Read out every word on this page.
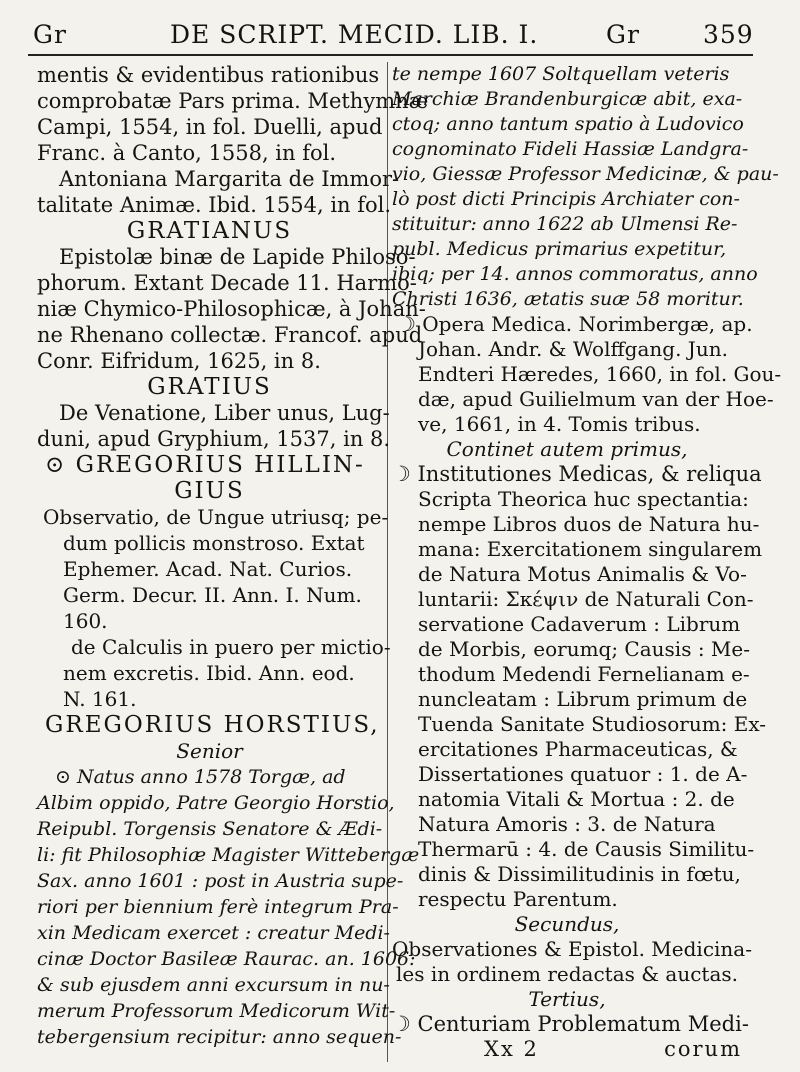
Gr	DE SCRIPT. MECID. LIB. I.	Gr	359
mentis & evidentibus rationibus
comprobatæ Pars prima. Methymnæ
Campi, 1554, in fol. Duelli, apud
Franc. à Canto, 1558, in fol.
Antoniana Margarita de Immor-
talitate Animæ. Ibid. 1554, in fol.
GRATIANUS
Epistolæ binæ de Lapide Philoso-
phorum. Extant Decade 11. Harmo-
niæ Chymico-Philosophicæ, à Johan-
ne Rhenano collectæ. Francof. apud
Conr. Eifridum, 1625, in 8.
GRATIUS
De Venatione, Liber unus, Lug-
duni, apud Gryphium, 1537, in 8.
⊙ GREGORIUS HILLIN-
GIUS
Observatio, de Ungue utriusq; pe-
dum pollicis monstroso. Extat
Ephemer. Acad. Nat. Curios.
Germ. Decur. II. Ann. I. Num.
160.
de Calculis in puero per mictio-
nem excretis. Ibid. Ann. eod.
N. 161.
GREGORIUS HORSTIUS,
Senior
⊙ Natus anno 1578 Torgæ, ad
Albim oppido, Patre Georgio Horstio,
Reipubl. Torgensis Senatore & Ædi-
li: fit Philosophiæ Magister Wittebergæ
Sax. anno 1601 : post in Austria supe-
riori per biennium ferè integrum Pra-
xin Medicam exercet : creatur Medi-
cinæ Doctor Basileæ Raurac. an. 1606:
& sub ejusdem anni excursum in nu-
merum Professorum Medicorum Wit-
tebergensium recipitur: anno sequen-
te nempe 1607 Soltquellam veteris
Marchiæ Brandenburgicæ abit, exa-
ctoq; anno tantum spatio à Ludovico
cognominato Fideli Hassiæ Landgra-
vio, Giessæ Professor Medicinæ, & pau-
lò post dicti Principis Archiater con-
stituitur: anno 1622 ab Ulmensi Re-
publ. Medicus primarius expetitur,
ibiq; per 14. annos commoratus, anno
Christi 1636, ætatis suæ 58 moritur.
☽ Opera Medica. Norimbergæ, ap.
Johan. Andr. & Wolffgang. Jun.
Endteri Hæredes, 1660, in fol. Gou-
dæ, apud Guilielmum van der Hoe-
ve, 1661, in 4. Tomis tribus.
Continet autem primus,
☽ Institutiones Medicas, & reliqua
Scripta Theorica huc spectantia:
nempe Libros duos de Natura hu-
mana: Exercitationem singularem
de Natura Motus Animalis & Vo-
luntarii: Σκέψιν de Naturali Con-
servatione Cadaverum : Librum
de Morbis, eorumq; Causis : Me-
thodum Medendi Fernelianam e-
nuncleatam : Librum primum de
Tuenda Sanitate Studiosorum: Ex-
ercitationes Pharmaceuticas, &
Dissertationes quatuor : 1. de A-
natomia Vitali & Mortua : 2. de
Natura Amoris : 3. de Natura
Thermarū : 4. de Causis Similitu-
dinis & Dissimilitudinis in fœtu,
respectu Parentum.
Secundus,
Observationes & Epistol. Medicina-
les in ordinem redactas & auctas.
Tertius,
☽ Centuriam Problematum Medi-
Xx 2	corum
